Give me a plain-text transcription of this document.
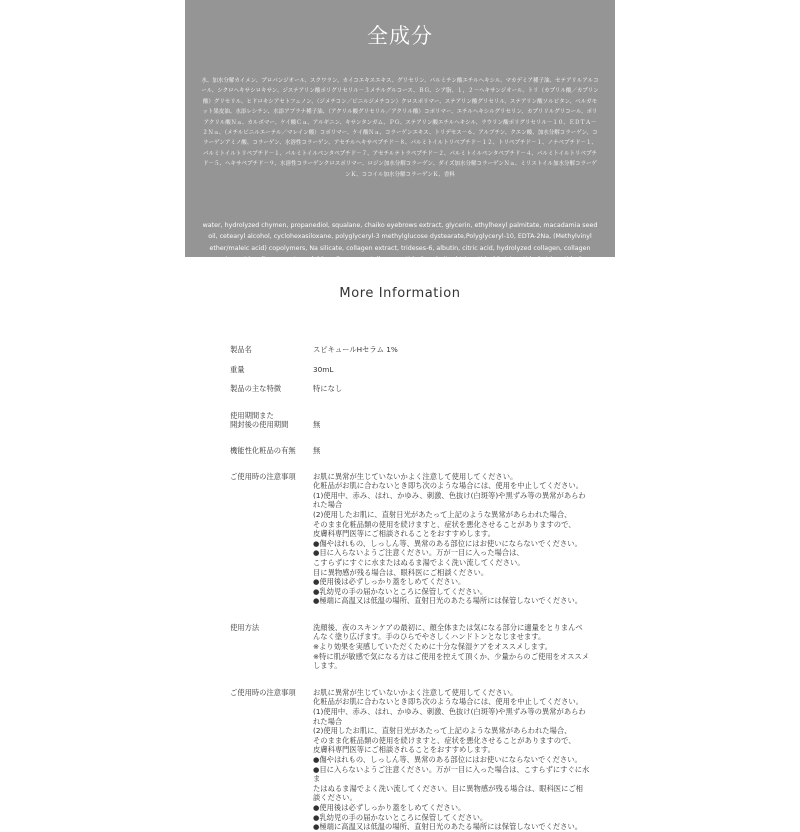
全成分
水、加水分解カイメン、プロパンジオール、スクワラン、カイコエキスエキス、グリセリン、パルミチン酸エチルヘキシル、マカデミア種子油、セテアリルアルコール、シクロヘキサシロキサン、ジステアリン酸ポリグリセリル－３メチルグルコース、ＢＧ、シア脂、１，２－ヘキサンジオール、トリ（カプリル酸／カプリン酸）グリセリル、ヒドロキシアセトフェノン、（ジメチコン／ビニルジメチコン）クロスポリマー、ステアリン酸グリセリル、ステアリン酸ソルビタン、ベルガモット果皮油、水添レシチン、水添アブラナ種子油、（アクリル酸グリセリル／アクリル酸）コポリマー、エチルヘキシルグリセリン、カプリリルグリコール、ポリアクリル酸Ｎａ、カルボマー、ケイ酸Ｃａ、アルギニン、キサンタンガム、ＰＧ、ステアリン酸エチルヘキシル、ラウリン酸ポリグリセリル－１０、ＥＤＴＡ－２Ｎａ、（メチルビニルエーテル／マレイン酸）コポリマー、ケイ酸Ｎａ、コラーゲンエキス、トリデセス－６、アルブチン、クエン酸、加水分解コラーゲン、コラーゲンアミノ酸、コラーゲン、水溶性コラーゲン、アセチルヘキサペプチド－８、パルミトイルトリペプチド－１２、トリペプチド－１、ノナペプチド－１、パルミトイルトリペプチド－１、パルミトイルペンタペプチド－７、アセチルテトラペプチド－２、パルミトイルペンタペプチド－４、パルミトイルトリペプチド－５、ヘキサペプチド－９、水溶性コラーゲンクロスポリマー、ロジン加水分解コラーゲン、ダイズ加水分解コラーゲンＮａ、ミリストイル加水分解コラーゲンＫ、ココイル加水分解コラーゲンＫ、香料
water, hydrolyzed chymen, propanediol, squalane, chaiko eyebrows extract, glycerin, ethylhexyl palmitate, macadamia seed oil, cetearyl alcohol, cyclohexasiloxane, polyglyceryl-3 methylglucose dystearate,Polyglyceryl-10, EDTA-2Na, (Methylvinyl ether/maleic acid) copolymers, Na silicate, collagen extract, trideses-6, albutin, citric acid, hydrolyzed collagen, collagen amino acid, collagen, water-soluble collagen, acetylhexapeptide-8, palmitoyl tripeptide-12, tripeptide-1, tripeptide-1, nonapeptide-1, palmitoyl-peptide-1, palmito-peptide-1, palmito-peptide-1, palmito-pal peptide-pite-2 and paltol peptide
More Information
製品名	スピキュールHセラム 1%
重量	30mL
製品の主な特徴	特になし
使用期間また
開封後の使用期間	無
機能性化粧品の有無	無
ご使用時の注意事項	お肌に異常が生じていないかよく注意して使用してください。
化粧品がお肌に合わないとき即ち次のような場合には、使用を中止してください。
(1)使用中、赤み、はれ、かゆみ、刺激、色抜け(白斑等)や黒ずみ等の異常があらわれた場合
(2)使用したお肌に、直射日光があたって上記のような異常があらわれた場合、
そのまま化粧品類の使用を続けますと、症状を悪化させることがありますので、
皮膚科専門医等にご相談されることをおすすめします。
●傷やはれもの、しっしん等、異常のある部位にはお使いにならないでください。
●目に入らないようご注意ください。万が一目に入った場合は、
こすらずにすぐに水またはぬるま湯でよく洗い流してください。
目に異物感が残る場合は、眼科医にご相談ください。
●使用後は必ずしっかり蓋をしめてください。
●乳幼児の手の届かないところに保管してください。
●極端に高温又は低温の場所、直射日光のあたる場所には保管しないでください。
使用方法	洗顔後、夜のスキンケアの最初に、顔全体または気になる部分に適量をとりまんべ
んなく塗り広げます。手のひらでやさしくハンドトンとなじませます。
※より効果を実感していただくために十分な保湿ケアをオススメします。
※特に肌が敏感で気になる方はご使用を控えて頂くか、少量からのご使用をオススメします。
ご使用時の注意事項	お肌に異常が生じていないかよく注意して使用してください。
化粧品がお肌に合わないとき即ち次のような場合には、使用を中止してください。
(1)使用中、赤み、はれ、かゆみ、刺激、色抜け(白斑等)や黒ずみ等の異常があらわれた場合
(2)使用したお肌に、直射日光があたって上記のような異常があらわれた場合、
そのまま化粧品類の使用を続けますと、症状を悪化させることがありますので、
皮膚科専門医等にご相談されることをおすすめします。
●傷やはれもの、しっしん等、異常のある部位にはお使いにならないでください。
●目に入らないようご注意ください。万が一目に入った場合は、こすらずにすぐに水ま
たはぬるま湯でよく洗い流してください。目に異物感が残る場合は、眼科医にご相談ください。
●使用後は必ずしっかり蓋をしめてください。
●乳幼児の手の届かないところに保管してください。
●極端に高温又は低温の場所、直射日光のあたる場所には保管しないでください。
